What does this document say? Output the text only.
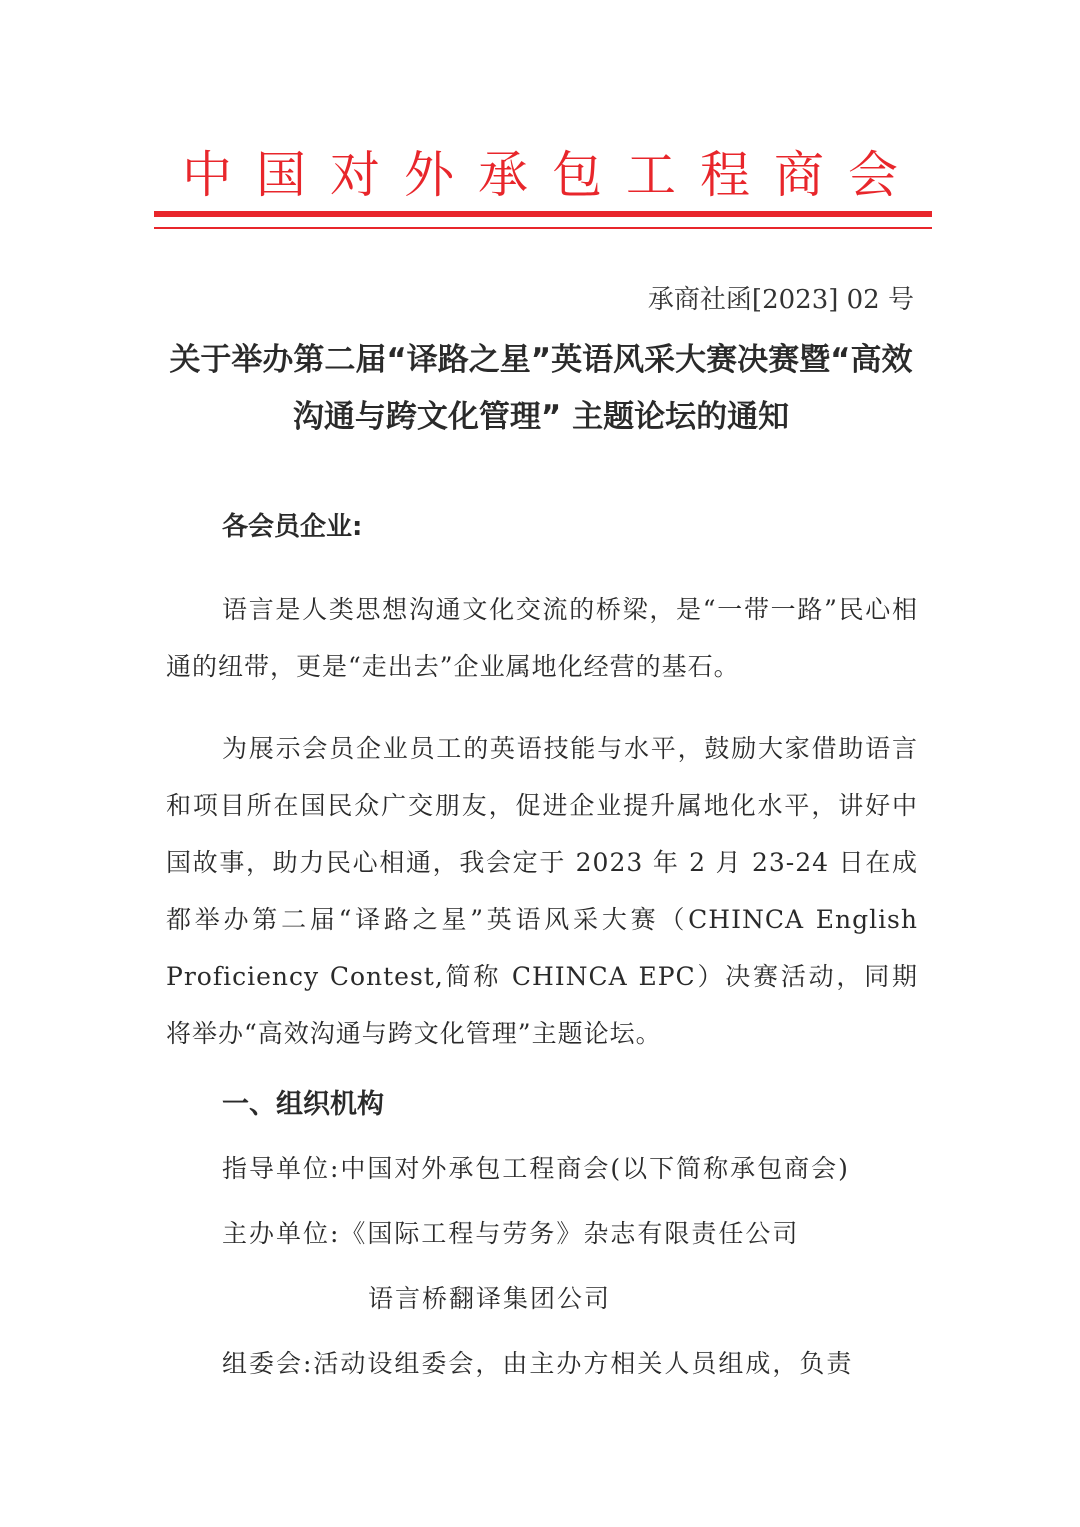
中国对外承包工程商会
承商社函[2023] 02 号
关于举办第二届“译路之星”英语风采大赛决赛暨“高效沟通与跨文化管理” 主题论坛的通知
各会员企业:
语言是人类思想沟通文化交流的桥梁，是“一带一路”民心相通的纽带，更是“走出去”企业属地化经营的基石。
为展示会员企业员工的英语技能与水平，鼓励大家借助语言和项目所在国民众广交朋友，促进企业提升属地化水平，讲好中国故事，助力民心相通，我会定于 2023 年 2 月 23-24 日在成都举办第二届“译路之星”英语风采大赛（CHINCA English Proficiency Contest,简称 CHINCA EPC）决赛活动，同期将举办“高效沟通与跨文化管理”主题论坛。
一、组织机构
指导单位:中国对外承包工程商会(以下简称承包商会)
主办单位:《国际工程与劳务》杂志有限责任公司
语言桥翻译集团公司
组委会:活动设组委会，由主办方相关人员组成，负责
